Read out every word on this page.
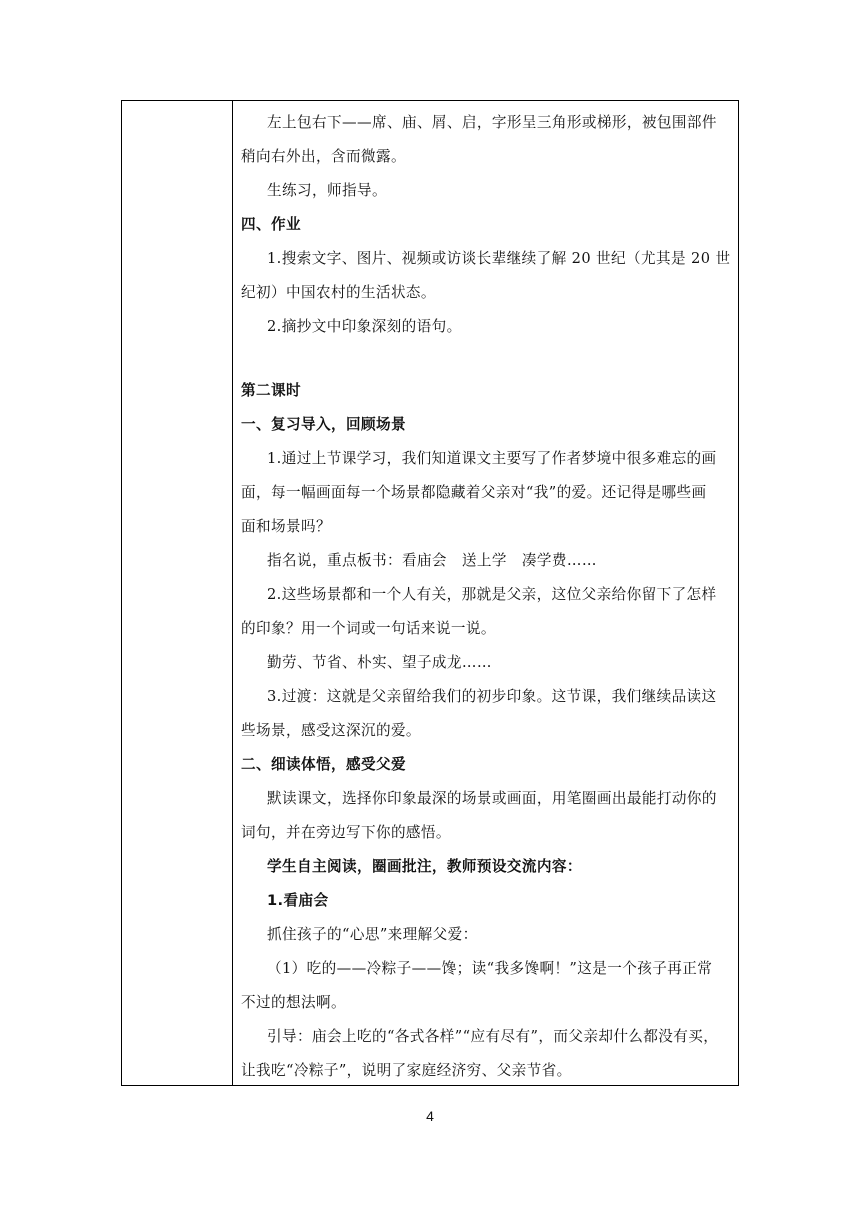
左上包右下——席、庙、屑、启，字形呈三角形或梯形，被包围部件
稍向右外出，含而微露。
生练习，师指导。
四、作业
1.搜索文字、图片、视频或访谈长辈继续了解 20 世纪（尤其是 20 世
纪初）中国农村的生活状态。
2.摘抄文中印象深刻的语句。
第二课时
一、复习导入，回顾场景
1.通过上节课学习，我们知道课文主要写了作者梦境中很多难忘的画
面，每一幅画面每一个场景都隐藏着父亲对“我”的爱。还记得是哪些画
面和场景吗？
指名说，重点板书：看庙会　送上学　凑学费……
2.这些场景都和一个人有关，那就是父亲，这位父亲给你留下了怎样
的印象？用一个词或一句话来说一说。
勤劳、节省、朴实、望子成龙……
3.过渡：这就是父亲留给我们的初步印象。这节课，我们继续品读这
些场景，感受这深沉的爱。
二、细读体悟，感受父爱
默读课文，选择你印象最深的场景或画面，用笔圈画出最能打动你的
词句，并在旁边写下你的感悟。
学生自主阅读，圈画批注，教师预设交流内容：
1.看庙会
抓住孩子的“心思”来理解父爱：
（1）吃的——冷粽子——馋；读“我多馋啊！”这是一个孩子再正常
不过的想法啊。
引导：庙会上吃的“各式各样”“应有尽有”，而父亲却什么都没有买，
让我吃“冷粽子”，说明了家庭经济穷、父亲节省。
4
